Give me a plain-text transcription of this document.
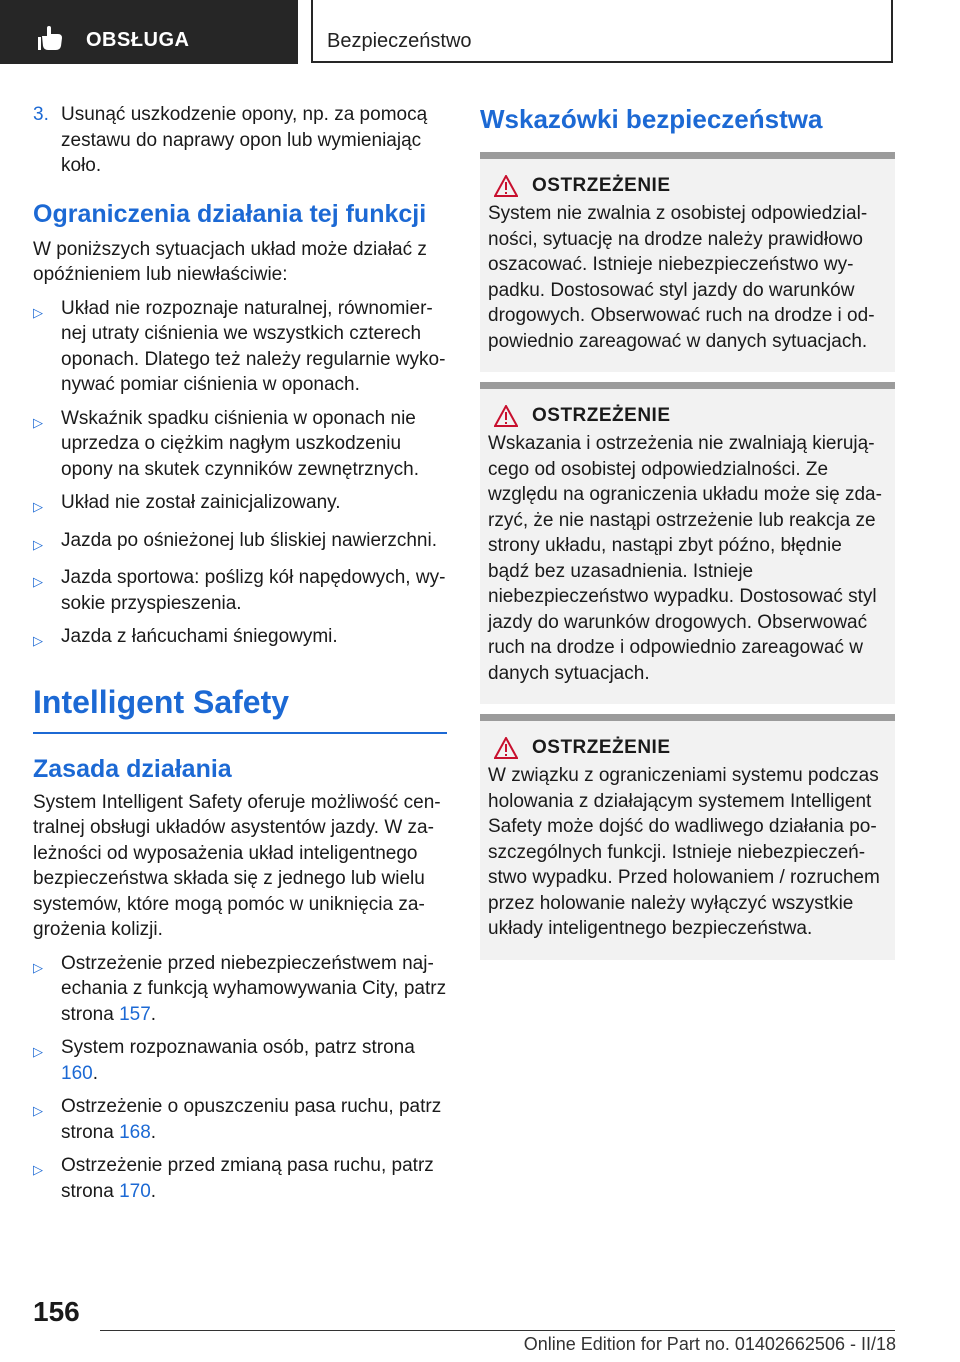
OBSŁUGA	Bezpieczeństwo
3. Usunąć uszkodzenie opony, np. za pomocą zestawu do naprawy opon lub wymieniając koło.
Ograniczenia działania tej funkcji

W poniższych sytuacjach układ może działać z opóźnieniem lub niewłaściwie:

▷ Układ nie rozpoznaje naturalnej, równomiernej utraty ciśnienia we wszystkich czterech oponach. Dlatego też należy regularnie wykonywać pomiar ciśnienia w oponach.
▷ Wskaźnik spadku ciśnienia w oponach nie uprzedza o ciężkim nagłym uszkodzeniu opony na skutek czynników zewnętrznych.
▷ Układ nie został zainicjalizowany.
▷ Jazda po ośnieżonej lub śliskiej nawierzchni.
▷ Jazda sportowa: poślizg kół napędowych, wysokie przyspieszenia.
▷ Jazda z łańcuchami śniegowymi.
Intelligent Safety
Zasada działania

System Intelligent Safety oferuje możliwość centralnej obsługi układów asystentów jazdy. W zależności od wyposażenia układ inteligentnego bezpieczeństwa składa się z jednego lub wielu systemów, które mogą pomóc w uniknięcia zagrożenia kolizji.

▷ Ostrzeżenie przed niebezpieczeństwem najechania z funkcją wyhamowywania City, patrz strona 157.
▷ System rozpoznawania osób, patrz strona 160.
▷ Ostrzeżenie o opuszczeniu pasa ruchu, patrz strona 168.
▷ Ostrzeżenie przed zmianą pasa ruchu, patrz strona 170.
Wskazówki bezpieczeństwa
OSTRZEŻENIE

System nie zwalnia z osobistej odpowiedzialności, sytuację na drodze należy prawidłowo oszacować. Istnieje niebezpieczeństwo wypadku. Dostosować styl jazdy do warunków drogowych. Obserwować ruch na drodze i odpowiednio zareagować w danych sytuacjach.

OSTRZEŻENIE

Wskazania i ostrzeżenia nie zwalniają kierującego od osobistej odpowiedzialności. Ze względu na ograniczenia układu może się zdarzyć, że nie nastąpi ostrzeżenie lub reakcja ze strony układu, nastąpi zbyt późno, błędnie bądź bez uzasadnienia. Istnieje niebezpieczeństwo wypadku. Dostosować styl jazdy do warunków drogowych. Obserwować ruch na drodze i odpowiednio zareagować w danych sytuacjach.

OSTRZEŻENIE

W związku z ograniczeniami systemu podczas holowania z działającym systemem Intelligent Safety może dojść do wadliwego działania poszczególnych funkcji. Istnieje niebezpieczeństwo wypadku. Przed holowaniem / rozruchem przez holowanie należy wyłączyć wszystkie układy inteligentnego bezpieczeństwa.

156
Online Edition for Part no. 01402662506 - II/18
